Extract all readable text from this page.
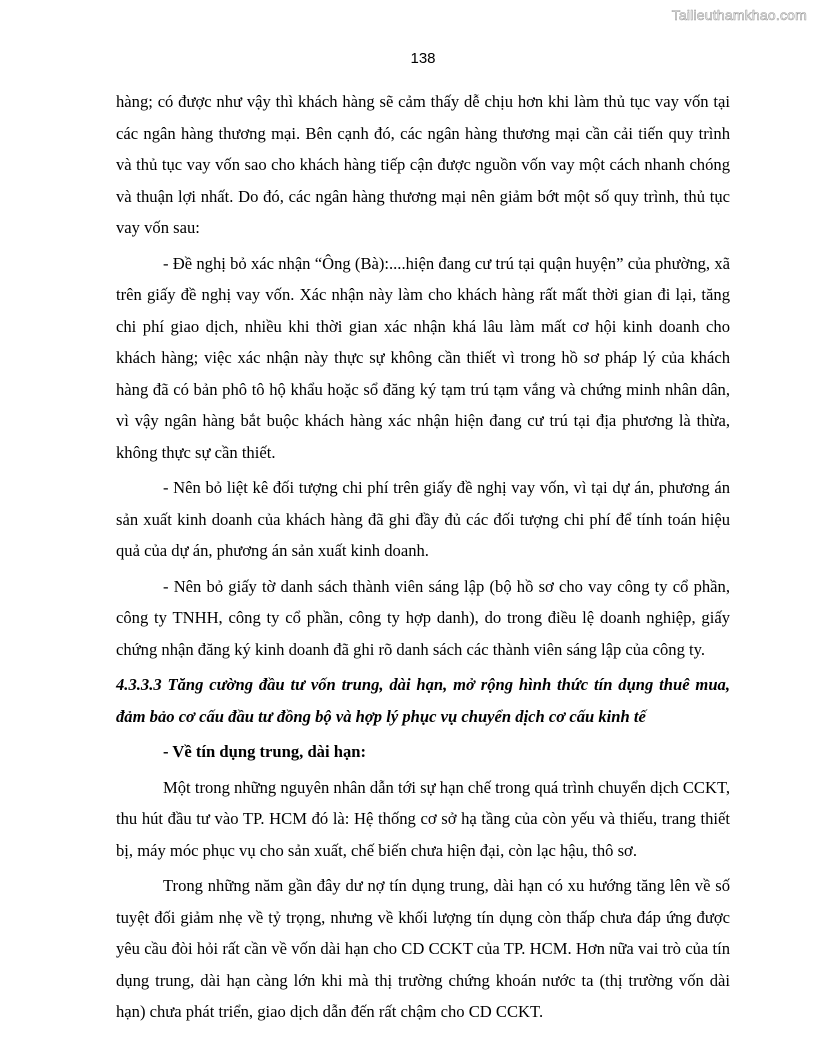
Tailieuthamkhao.com
138

hàng; có được như vậy thì khách hàng sẽ cảm thấy dễ chịu hơn khi làm thủ tục vay vốn tại các ngân hàng thương mại. Bên cạnh đó, các ngân hàng thương mại cần cải tiến quy trình và thủ tục vay vốn sao cho khách hàng tiếp cận được nguồn vốn vay một cách nhanh chóng và thuận lợi nhất. Do đó, các ngân hàng thương mại nên giảm bớt một số quy trình, thủ tục vay vốn sau:

- Đề nghị bỏ xác nhận “Ông (Bà):....hiện đang cư trú tại quận huyện” của phường, xã trên giấy đề nghị vay vốn. Xác nhận này làm cho khách hàng rất mất thời gian đi lại, tăng chi phí giao dịch, nhiều khi thời gian xác nhận khá lâu làm mất cơ hội kinh doanh cho khách hàng; việc xác nhận này thực sự không cần thiết vì trong hồ sơ pháp lý của khách hàng đã có bản phô tô hộ khẩu hoặc sổ đăng ký tạm trú tạm vắng và chứng minh nhân dân, vì vậy ngân hàng bắt buộc khách hàng xác nhận hiện đang cư trú tại địa phương là thừa, không thực sự cần thiết.

- Nên bỏ liệt kê đối tượng chi phí trên giấy đề nghị vay vốn, vì tại dự án, phương án sản xuất kinh doanh của khách hàng đã ghi đầy đủ các đối tượng chi phí để tính toán hiệu quả của dự án, phương án sản xuất kinh doanh.

- Nên bỏ giấy tờ danh sách thành viên sáng lập (bộ hồ sơ cho vay công ty cổ phần, công ty TNHH, công ty cổ phần, công ty hợp danh), do trong điều lệ doanh nghiệp, giấy chứng nhận đăng ký kinh doanh đã ghi rõ danh sách các thành viên sáng lập của công ty.

4.3.3.3 Tăng cường đầu tư vốn trung, dài hạn, mở rộng hình thức tín dụng thuê mua, đảm bảo cơ cấu đầu tư đồng bộ và hợp lý phục vụ chuyển dịch cơ cấu kinh tế

- Về tín dụng trung, dài hạn:

Một trong những nguyên nhân dẫn tới sự hạn chế trong quá trình chuyển dịch CCKT, thu hút đầu tư vào TP. HCM đó là: Hệ thống cơ sở hạ tầng của còn yếu và thiếu, trang thiết bị, máy móc phục vụ cho sản xuất, chế biến chưa hiện đại, còn lạc hậu, thô sơ.

Trong những năm gần đây dư nợ tín dụng trung, dài hạn có xu hướng tăng lên về số tuyệt đối giảm nhẹ về tỷ trọng, nhưng về khối lượng tín dụng còn thấp chưa đáp ứng được yêu cầu đòi hỏi rất cần về vốn dài hạn cho CD CCKT của TP. HCM. Hơn nữa vai trò của tín dụng trung, dài hạn càng lớn khi mà thị trường chứng khoán nước ta (thị trường vốn dài hạn) chưa phát triển, giao dịch dẫn đến rất chậm cho CD CCKT.
